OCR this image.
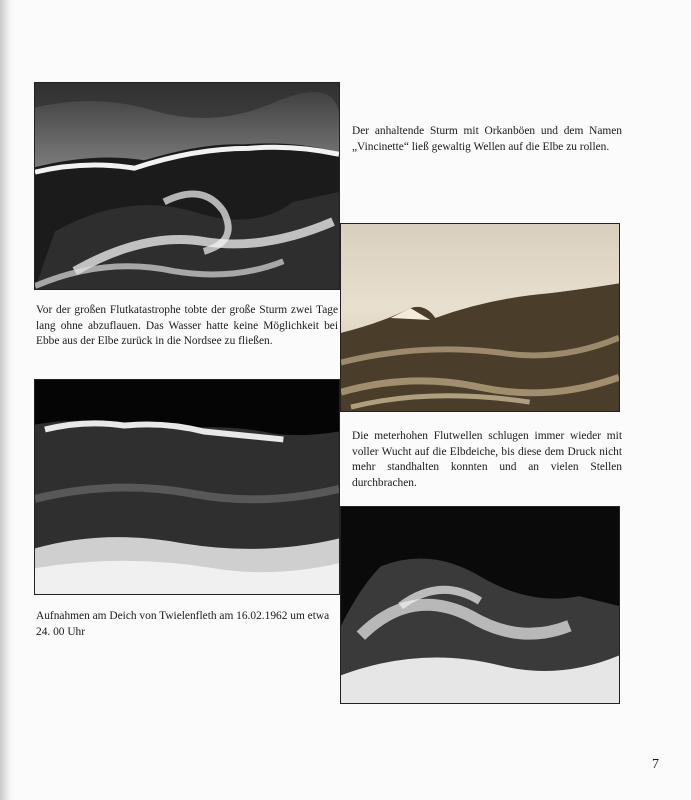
Der anhaltende Sturm mit Orkanböen und dem Namen „Vincinette“ ließ gewaltig Wellen auf die Elbe zu rollen.

Vor der großen Flutkatastrophe tobte der große Sturm zwei Tage lang ohne abzuflauen. Das Wasser hatte keine Möglichkeit bei Ebbe aus der Elbe zurück in die Nordsee zu fließen.

Die meterhohen Flutwellen schlugen immer wieder mit voller Wucht auf die Elbdeiche, bis diese dem Druck nicht mehr standhalten konnten und an vielen Stellen durchbrachen.

Aufnahmen am Deich von Twielenfleth am 16.02.1962 um etwa 24. 00 Uhr

7
